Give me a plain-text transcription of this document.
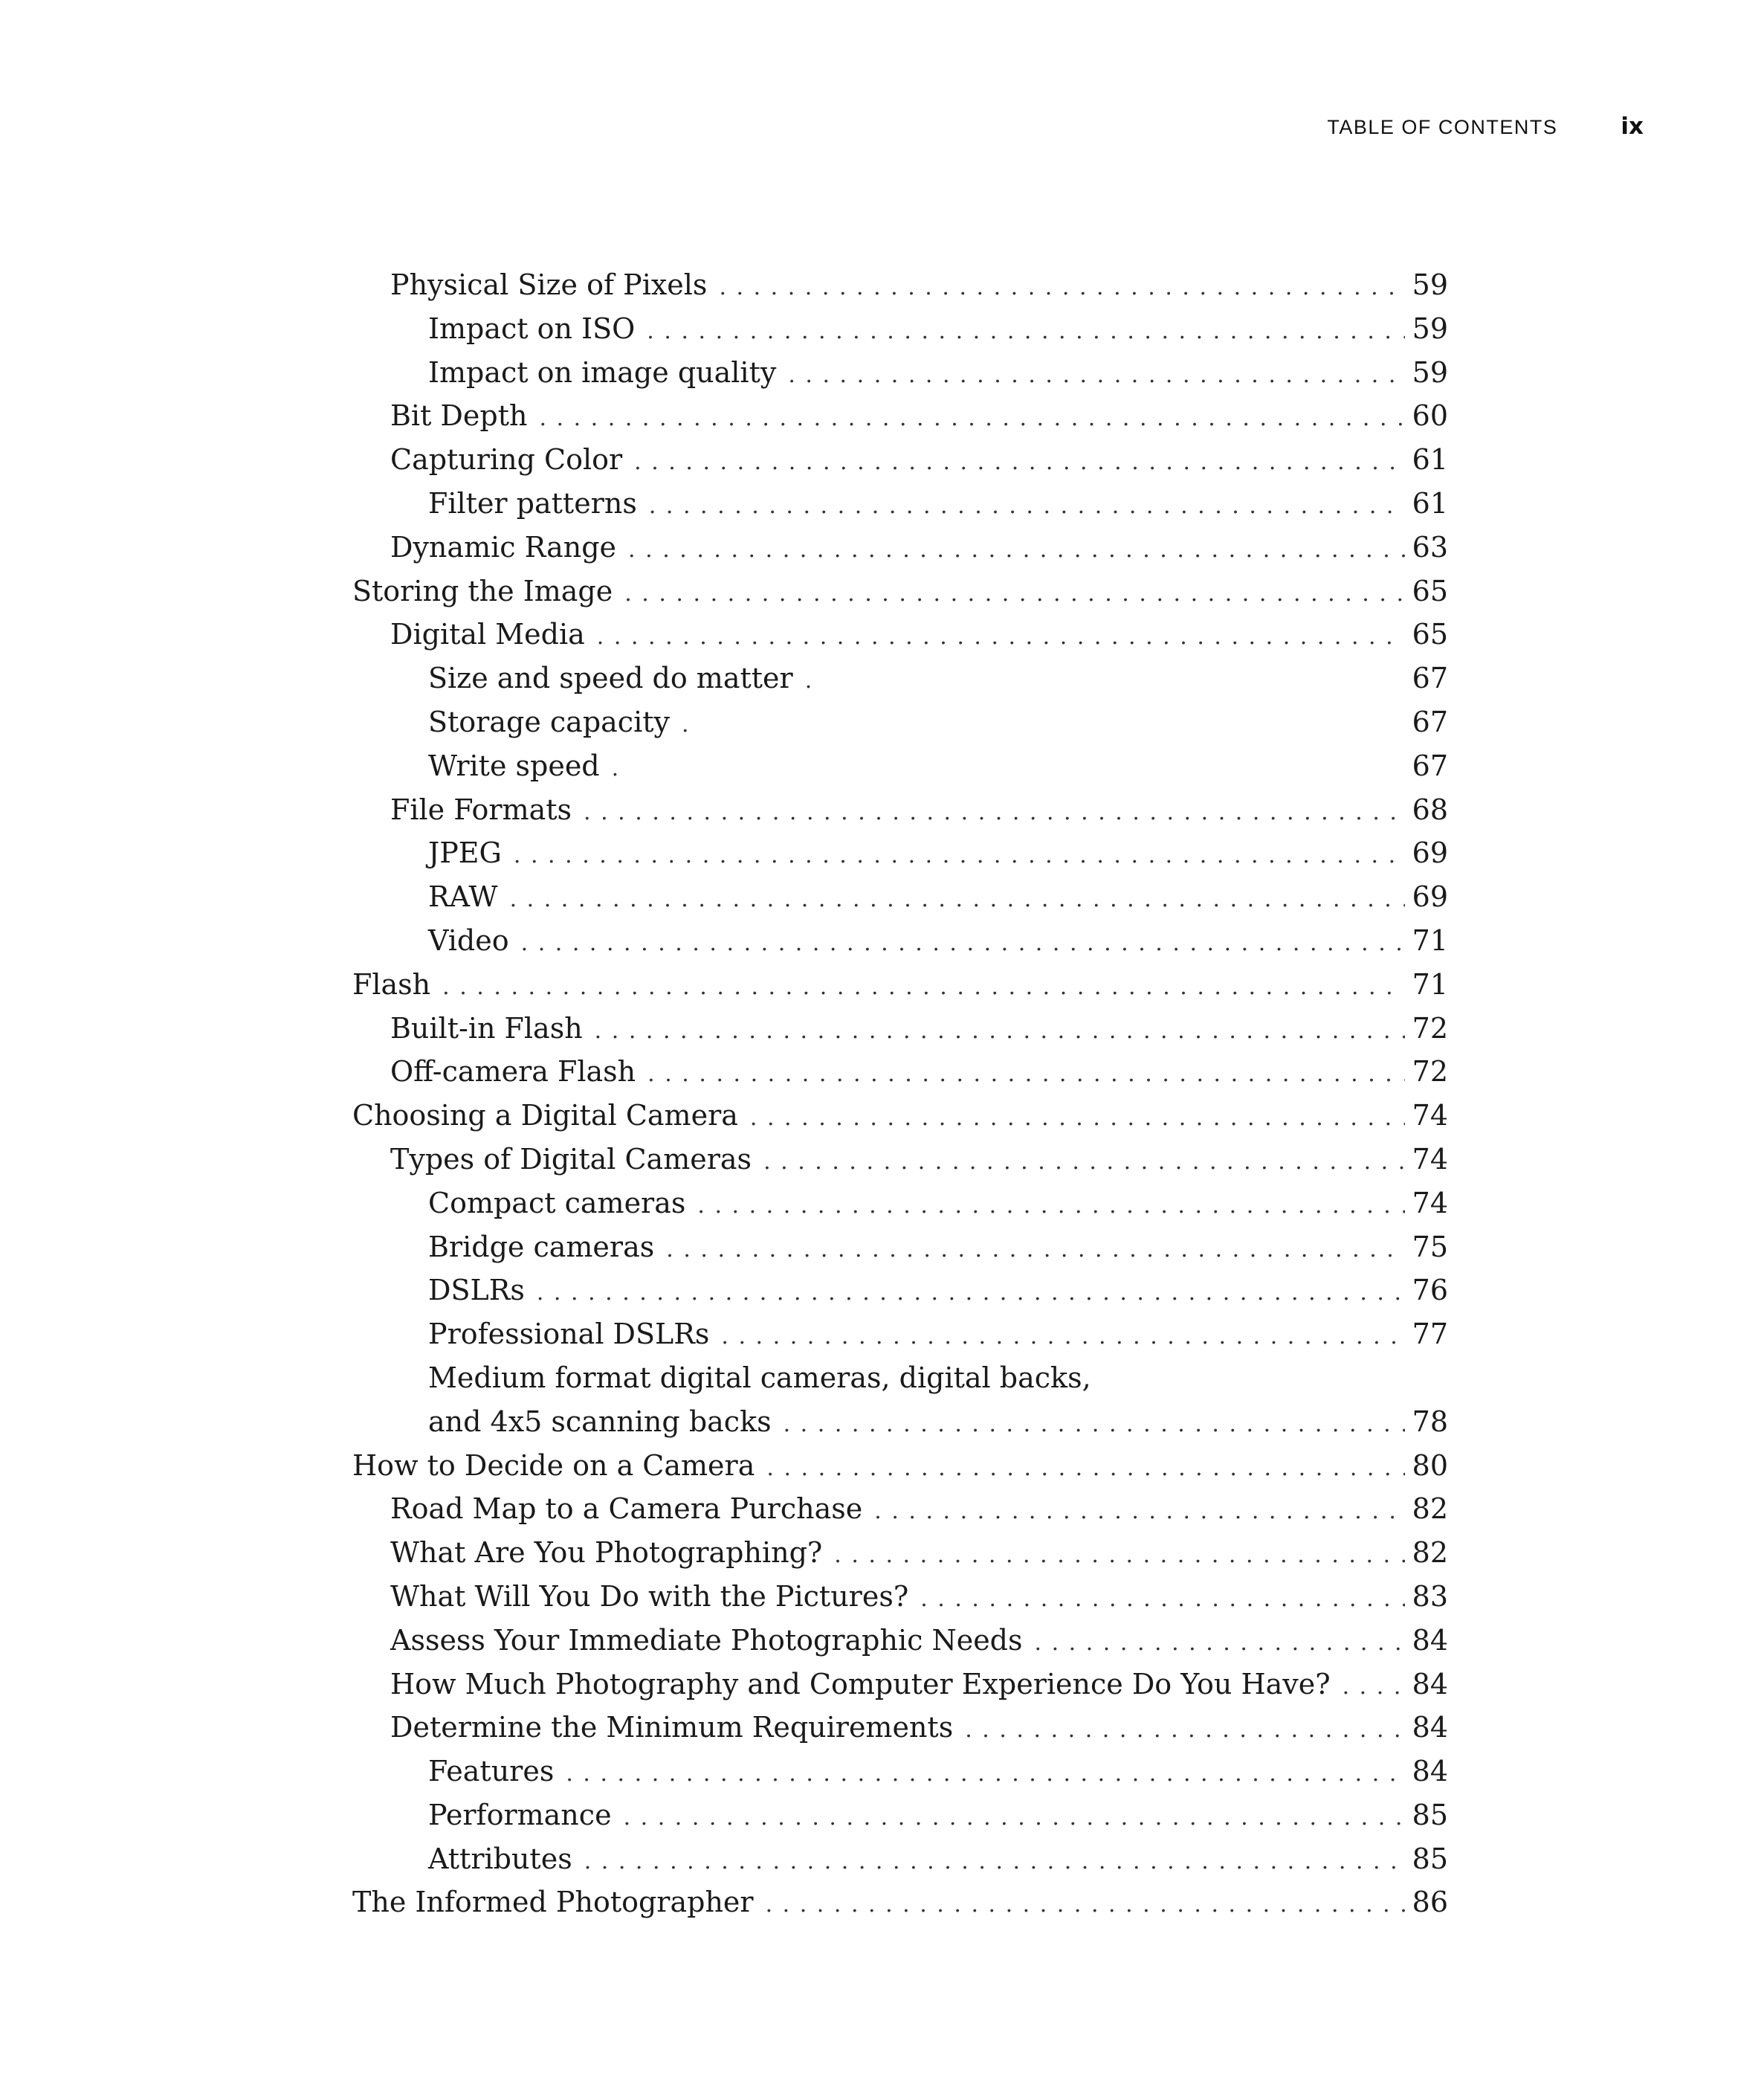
TABLE OF CONTENTS	ix
Physical Size of Pixels . . .	59
Impact on ISO . . .	59
Impact on image quality . . .	59
Bit Depth . . .	60
Capturing Color . . .	61
Filter patterns . . .	61
Dynamic Range . . .	63
Storing the Image . . .	65
Digital Media . . .	65
Size and speed do matter .	67
Storage capacity .	67
Write speed .	67
File Formats . . .	68
JPEG . . .	69
RAW . . .	69
Video . . .	71
Flash . . .	71
Built-in Flash . . .	72
Off-camera Flash . . .	72
Choosing a Digital Camera . . .	74
Types of Digital Cameras . . .	74
Compact cameras . . .	74
Bridge cameras . . .	75
DSLRs . . .	76
Professional DSLRs . . .	77
Medium format digital cameras, digital backs,
and 4x5 scanning backs . . .	78
How to Decide on a Camera . . .	80
Road Map to a Camera Purchase . . .	82
What Are You Photographing? . . .	82
What Will You Do with the Pictures? . . .	83
Assess Your Immediate Photographic Needs . . .	84
How Much Photography and Computer Experience Do You Have? . . .	84
Determine the Minimum Requirements . . .	84
Features . . .	84
Performance . . .	85
Attributes . . .	85
The Informed Photographer . . .	86
